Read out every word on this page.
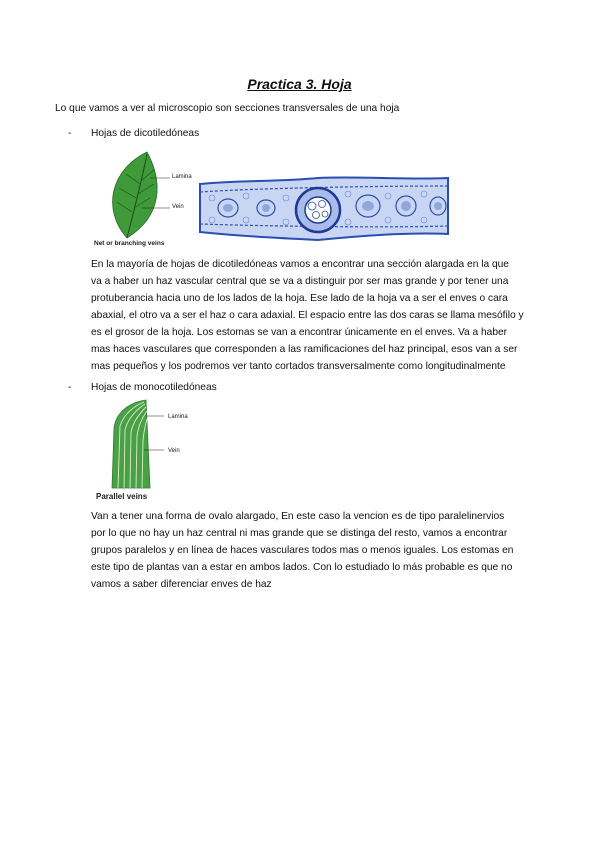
Practica 3. Hoja
Lo que vamos a ver al microscopio son secciones transversales de una hoja
- Hojas de dicotiledóneas
Lamina
Vein
Net or branching veins

En la mayoría de hojas de dicotiledóneas vamos a encontrar una sección alargada en la que

va a haber un haz vascular central que se va a distinguir por ser mas grande y por tener una

protuberancia hacia uno de los lados de la hoja. Ese lado de la hoja va a ser el enves o cara

abaxial, el otro va a ser el haz o cara adaxial. El espacio entre las dos caras se llama mesófilo y

es el grosor de la hoja. Los estomas se van a encontrar únicamente en el enves. Va a haber

mas haces vasculares que corresponden a las ramificaciones del haz principal, esos van a ser

mas pequeños y los podremos ver tanto cortados transversalmente como longitudinalmente

- Hojas de monocotiledóneas
Lamina
Vein
Parallel veins

Van a tener una forma de ovalo alargado, En este caso la vencion es de tipo paralelinervios

por lo que no hay un haz central ni mas grande que se distinga del resto, vamos a encontrar

grupos paralelos y en línea de haces vasculares todos mas o menos iguales. Los estomas en

este tipo de plantas van a estar en ambos lados. Con lo estudiado lo más probable es que no

vamos a saber diferenciar enves de haz
